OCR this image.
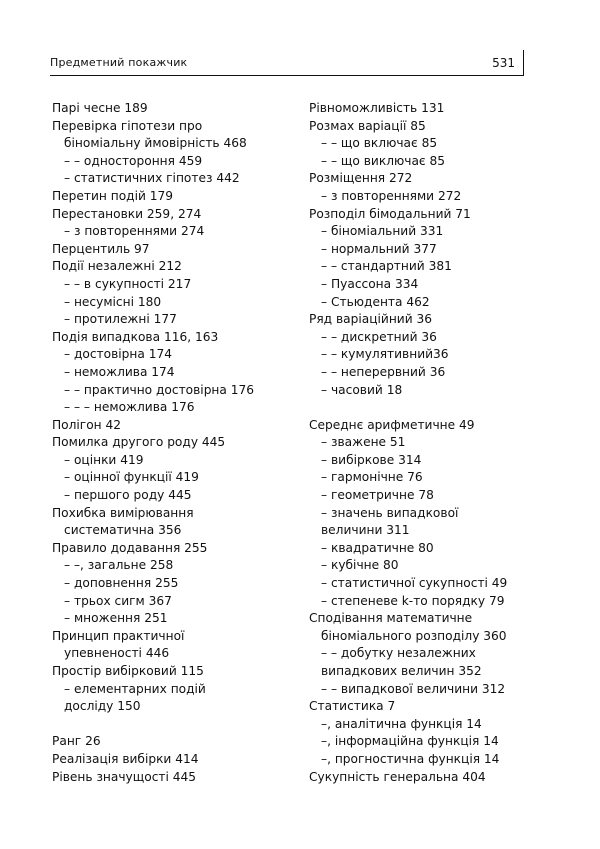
Предметний покажчик	531
Парі чесне 189
Перевірка гіпотези про
біноміальну ймовірність 468
– – одностороння 459
– статистичних гіпотез 442
Перетин подій 179
Перестановки 259, 274
– з повтореннями 274
Перцентиль 97
Події незалежні 212
– – в сукупності 217
– несумісні 180
– протилежні 177
Подія випадкова 116, 163
– достовірна 174
– неможлива 174
– – практично достовірна 176
– – – неможлива 176
Полігон 42
Помилка другого роду 445
– оцінки 419
– оцінної функції 419
– першого роду 445
Похибка вимірювання
систематична 356
Правило додавання 255
– –, загальне 258
– доповнення 255
– трьох сигм 367
– множення 251
Принцип практичної
упевненості 446
Простір вибірковий 115
– елементарних подій
досліду 150
Ранг 26
Реалізація вибірки 414
Рівень значущості 445
Рівноможливість 131
Розмах варіації 85
– – що включає 85
– – що виключає 85
Розміщення 272
– з повтореннями 272
Розподіл бімодальний 71
– біноміальний 331
– нормальний 377
– – стандартний 381
– Пуассона 334
– Стьюдента 462
Ряд варіаційний 36
– – дискретний 36
– – кумулятивний36
– – неперервний 36
– часовий 18
Середнє арифметичне 49
– зважене 51
– вибіркове 314
– гармонічне 76
– геометричне 78
– значень випадкової
величини 311
– квадратичне 80
– кубічне 80
– статистичної сукупності 49
– степеневе k-то порядку 79
Сподівання математичне
біноміального розподілу 360
– – добутку незалежних
випадкових величин 352
– – випадкової величини 312
Статистика 7
–, аналітична функція 14
–, інформаційна функція 14
–, прогностична функція 14
Сукупність генеральна 404
